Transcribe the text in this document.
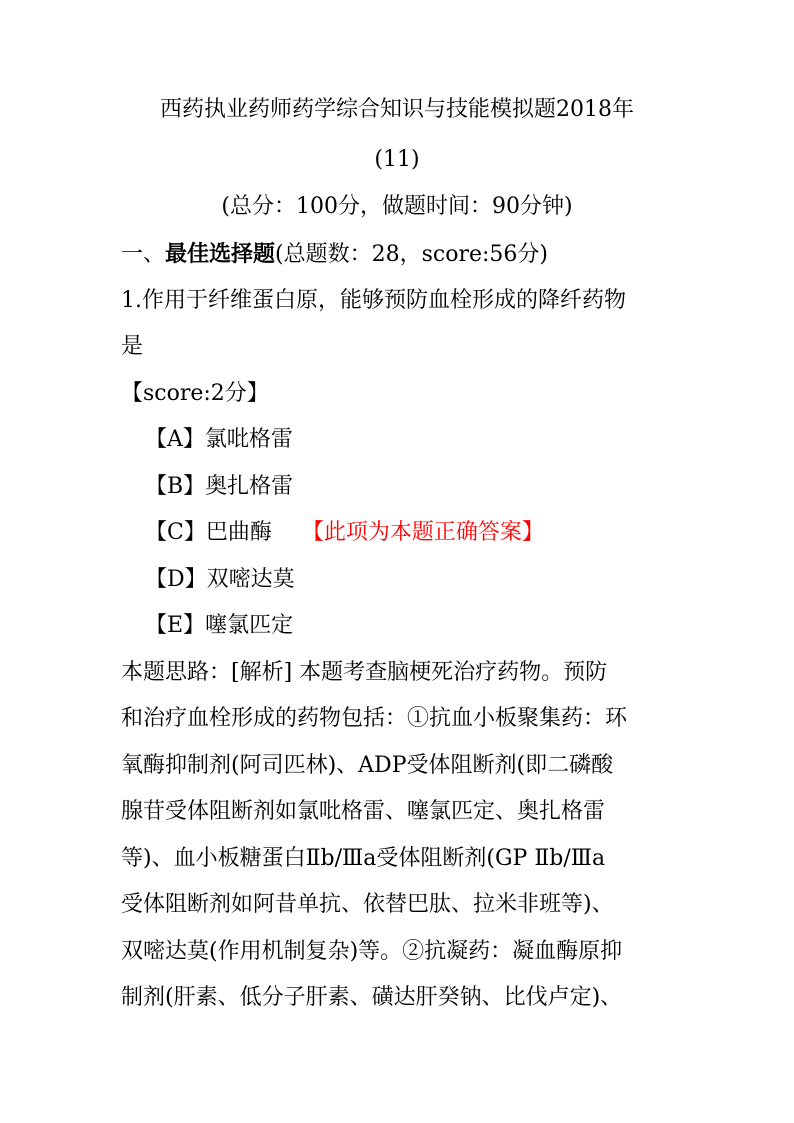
西药执业药师药学综合知识与技能模拟题2018年
(11)
(总分：100分，做题时间：90分钟)
一、最佳选择题(总题数：28，score:56分)
1.作用于纤维蛋白原，能够预防血栓形成的降纤药物
是
【score:2分】
【A】氯吡格雷
【B】奥扎格雷
【C】巴曲酶 【此项为本题正确答案】
【D】双嘧达莫
【E】噻氯匹定
本题思路：[解析] 本题考查脑梗死治疗药物。预防
和治疗血栓形成的药物包括：①抗血小板聚集药：环
氧酶抑制剂(阿司匹林)、ADP受体阻断剂(即二磷酸
腺苷受体阻断剂如氯吡格雷、噻氯匹定、奥扎格雷
等)、血小板糖蛋白Ⅱb/Ⅲa受体阻断剂(GP Ⅱb/Ⅲa
受体阻断剂如阿昔单抗、依替巴肽、拉米非班等)、
双嘧达莫(作用机制复杂)等。②抗凝药：凝血酶原抑
制剂(肝素、低分子肝素、磺达肝癸钠、比伐卢定)、
